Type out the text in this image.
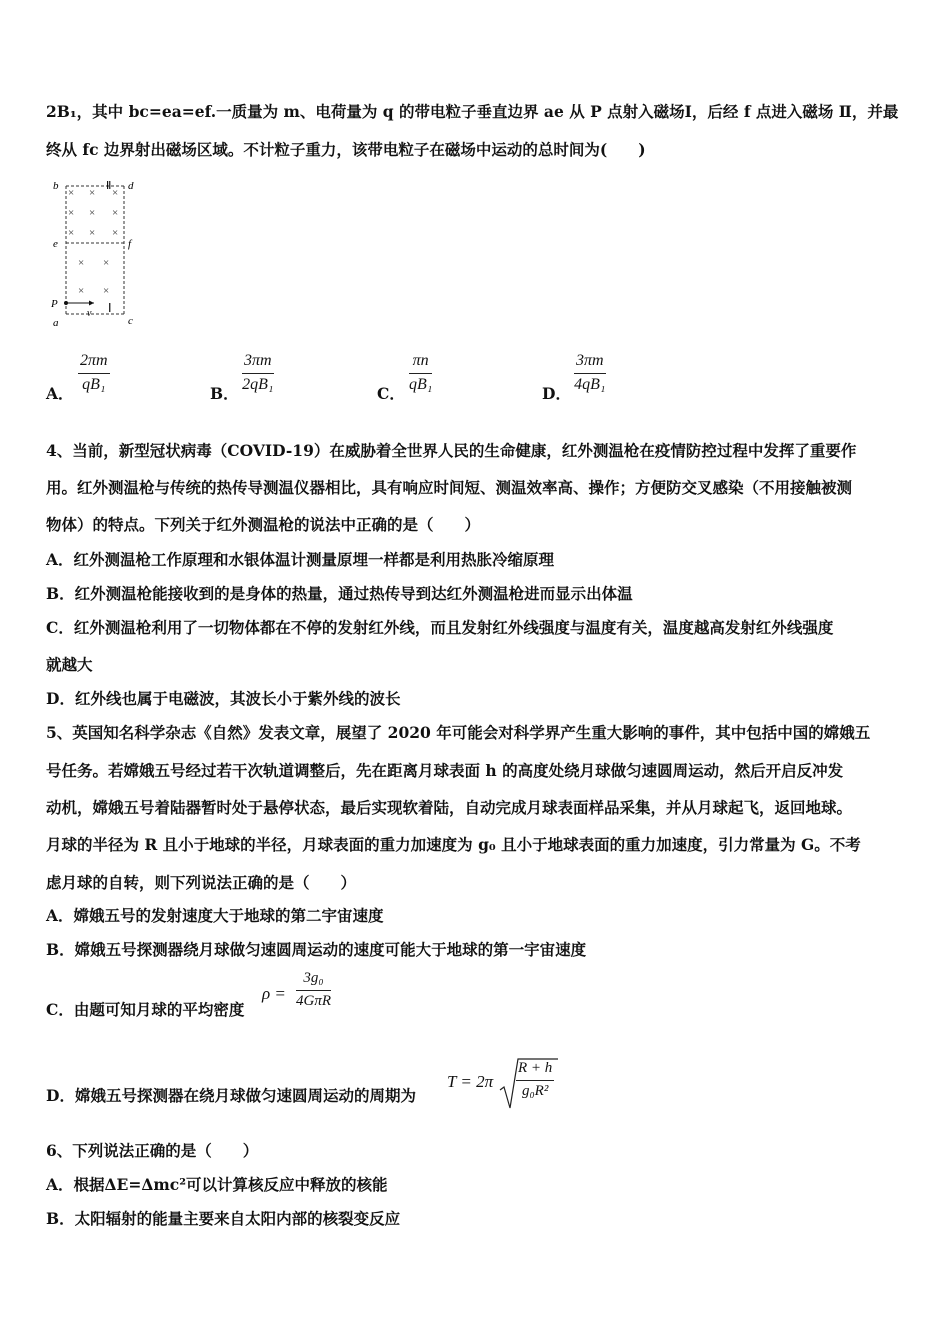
2B₁，其中 bc=ea=ef.一质量为 m、电荷量为 q 的带电粒子垂直边界 ae 从 P 点射入磁场Ⅰ，后经 f 点进入磁场 Ⅱ，并最
终从 fc 边界射出磁场区域。不计粒子重力，该带电粒子在磁场中运动的总时间为(　　)
b	d
e	f
a	c
P
v
Ⅱ
Ⅰ
× × ×
× × ×
× × ×
× ×
× ×
A． $\frac{2\pi m}{\text{qB₁}}$	B． $\frac{3\pi m}{\text{2qB₁}}$	C． $\frac{\pi n}{\text{qB₁}}$	D． $\frac{3\pi m}{\text{4qB₁}}$
4、当前，新型冠状病毒（COVID-19）在威胁着全世界人民的生命健康，红外测温枪在疫情防控过程中发挥了重要作
用。红外测温枪与传统的热传导测温仪器相比，具有响应时间短、测温效率高、操作；方便防交叉感染（不用接触被测
物体）的特点。下列关于红外测温枪的说法中正确的是（　　）
A．红外测温枪工作原理和水银体温计测量原埋一样都是利用热胀冷缩原理
B．红外测温枪能接收到的是身体的热量，通过热传导到达红外测温枪进而显示出体温
C．红外测温枪利用了一切物体都在不停的发射红外线，而且发射红外线强度与温度有关，温度越高发射红外线强度
就越大
D．红外线也属于电磁波，其波长小于紫外线的波长
5、英国知名科学杂志《自然》发表文章，展望了 2020 年可能会对科学界产生重大影响的事件，其中包括中国的嫦娥五
号任务。若嫦娥五号经过若干次轨道调整后，先在距离月球表面 h 的高度处绕月球做匀速圆周运动，然后开启反冲发
动机，嫦娥五号着陆器暂时处于悬停状态，最后实现软着陆，自动完成月球表面样品采集，并从月球起飞，返回地球。
月球的半径为 R 且小于地球的半径，月球表面的重力加速度为 g₀ 且小于地球表面的重力加速度，引力常量为 G。不考
虑月球的自转，则下列说法正确的是（　　）
A．嫦娥五号的发射速度大于地球的第二宇宙速度
B．嫦娥五号探测器绕月球做匀速圆周运动的速度可能大于地球的第一宇宙速度
C．由题可知月球的平均密度
ρ =
3g₀
4GπR
D．嫦娥五号探测器在绕月球做匀速圆周运动的周期为
$T = 2\pi \frac{R + h}{\text{g₀R²}}$
6、下列说法正确的是（　　）
A．根据ΔE=Δmc²可以计算核反应中释放的核能
B．太阳辐射的能量主要来自太阳内部的核裂变反应
